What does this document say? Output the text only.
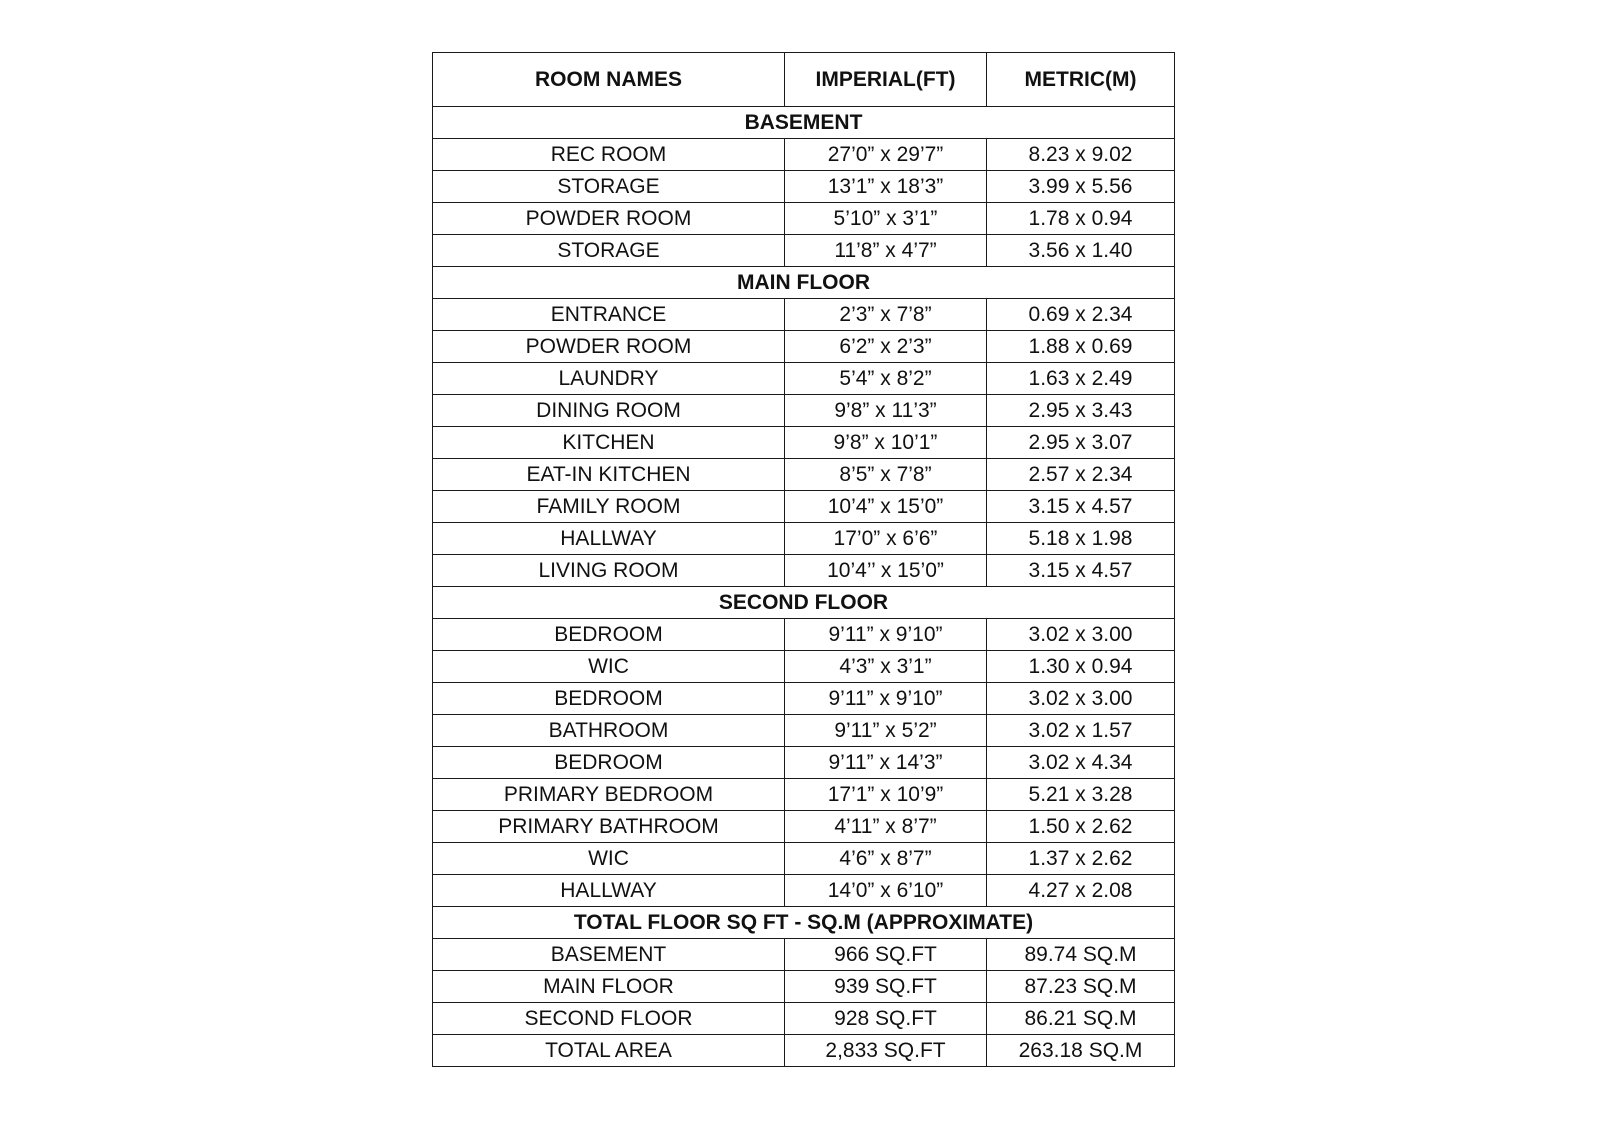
ROOM NAMES	IMPERIAL(FT)	METRIC(M)
BASEMENT		
REC ROOM	27’0” x 29’7”	8.23 x 9.02
STORAGE	13’1” x 18’3”	3.99 x 5.56
POWDER ROOM	5’10” x 3’1”	1.78 x 0.94
STORAGE	11’8” x 4’7”	3.56 x 1.40
MAIN FLOOR		
ENTRANCE	2’3” x 7’8”	0.69 x 2.34
POWDER ROOM	6’2” x 2’3”	1.88 x 0.69
LAUNDRY	5’4” x 8’2”	1.63 x 2.49
DINING ROOM	9’8” x 11’3”	2.95 x 3.43
KITCHEN	9’8” x 10’1”	2.95 x 3.07
EAT-IN KITCHEN	8’5” x 7’8”	2.57 x 2.34
FAMILY ROOM	10’4” x 15’0”	3.15 x 4.57
HALLWAY	17’0” x 6’6”	5.18 x 1.98
LIVING ROOM	10’4’’ x 15’0”	3.15 x 4.57
SECOND FLOOR		
BEDROOM	9’11” x 9’10”	3.02 x 3.00
WIC	4’3” x 3’1”	1.30 x 0.94
BEDROOM	9’11” x 9’10”	3.02 x 3.00
BATHROOM	9’11” x 5’2”	3.02 x 1.57
BEDROOM	9’11” x 14’3”	3.02 x 4.34
PRIMARY BEDROOM	17’1” x 10’9”	5.21 x 3.28
PRIMARY BATHROOM	4’11” x 8’7”	1.50 x 2.62
WIC	4’6” x 8’7”	1.37 x 2.62
HALLWAY	14’0” x 6’10”	4.27 x 2.08
TOTAL FLOOR SQ FT - SQ.M (APPROXIMATE)		
BASEMENT	966 SQ.FT	89.74 SQ.M
MAIN FLOOR	939 SQ.FT	87.23 SQ.M
SECOND FLOOR	928 SQ.FT	86.21 SQ.M
TOTAL AREA	2,833 SQ.FT	263.18 SQ.M
